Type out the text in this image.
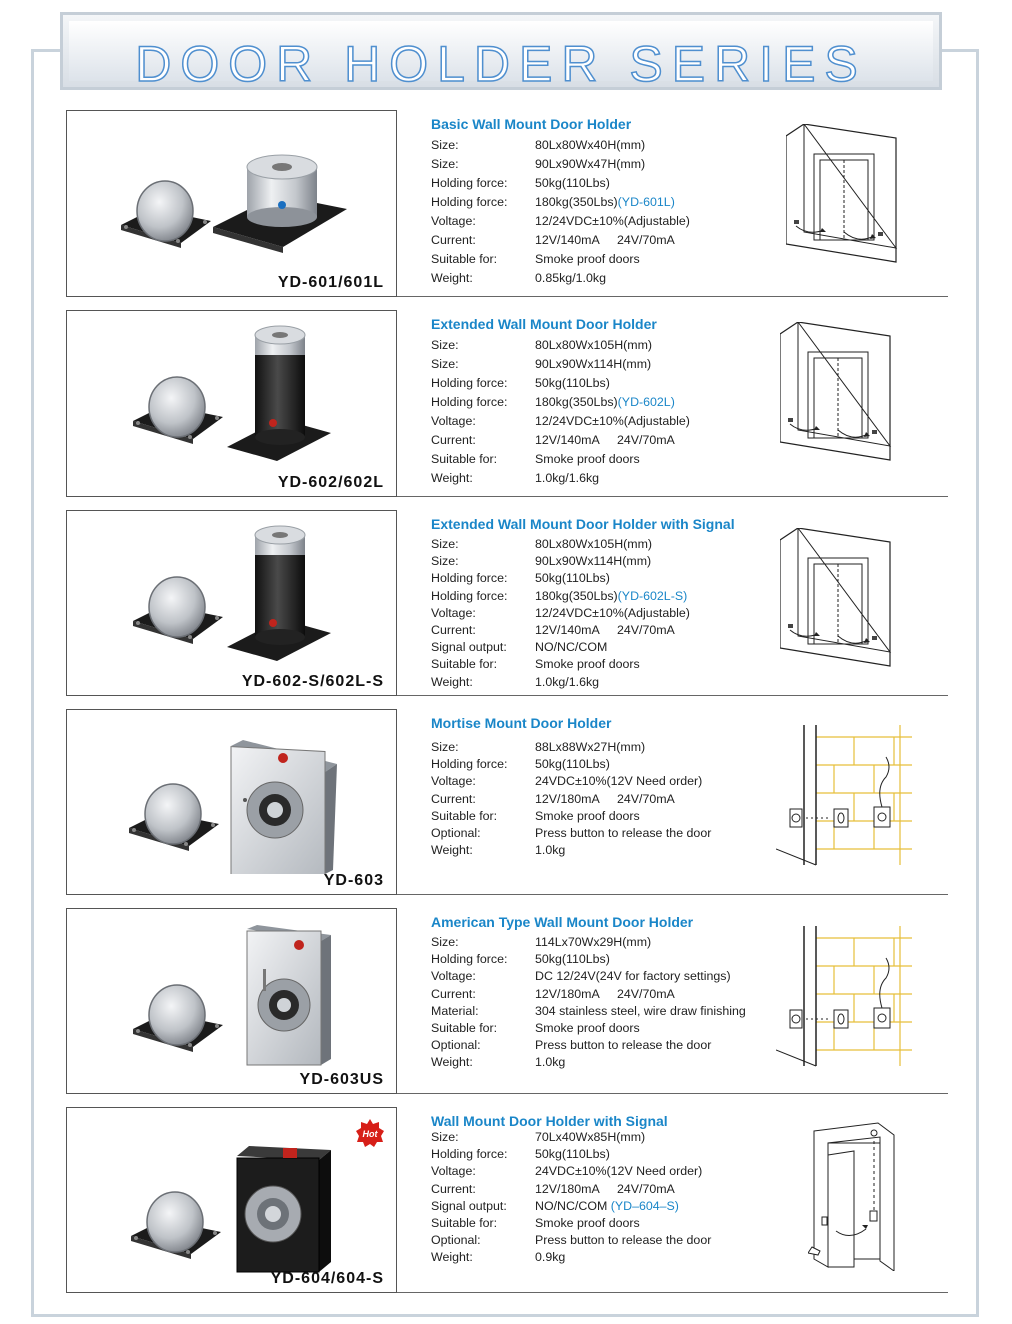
DOOR HOLDER SERIES
YD-601/601L
Basic Wall Mount Door Holder
Size:	80Lx80Wx40H(mm)
Size:	90Lx90Wx47H(mm)
Holding force: 50kg(110Lbs)
Holding force: 180kg(350Lbs)(YD-601L)
Voltage:	12/24VDC±10%(Adjustable)
Current:	12V/140mA     24V/70mA
Suitable for:	Smoke proof doors
Weight:	0.85kg/1.0kg
YD-602/602L
Extended Wall Mount Door Holder
Size:	80Lx80Wx105H(mm)
Size:	90Lx90Wx114H(mm)
Holding force: 50kg(110Lbs)
Holding force: 180kg(350Lbs)(YD-602L)
Voltage:	12/24VDC±10%(Adjustable)
Current:	12V/140mA     24V/70mA
Suitable for:	Smoke proof doors
Weight:	1.0kg/1.6kg
YD-602-S/602L-S
Extended Wall Mount Door Holder with Signal
Size:	80Lx80Wx105H(mm)
Size:	90Lx90Wx114H(mm)
Holding force: 50kg(110Lbs)
Holding force: 180kg(350Lbs)(YD-602L-S)
Voltage:	12/24VDC±10%(Adjustable)
Current:	12V/140mA     24V/70mA
Signal output: NO/NC/COM
Suitable for:	Smoke proof doors
Weight:	1.0kg/1.6kg
YD-603
Mortise Mount Door Holder
Size:	88Lx88Wx27H(mm)
Holding force: 50kg(110Lbs)
Voltage:	24VDC±10%(12V Need order)
Current:	12V/180mA     24V/70mA
Suitable for:	Smoke proof doors
Optional:	Press button to release the door
Weight:	1.0kg
YD-603US
American Type Wall Mount Door Holder
Size:	114Lx70Wx29H(mm)
Holding force: 50kg(110Lbs)
Voltage:	DC 12/24V(24V for factory settings)
Current:	12V/180mA     24V/70mA
Material:	304 stainless steel, wire draw finishing
Suitable for:	Smoke proof doors
Optional:	Press button to release the door
Weight:	1.0kg
Hot
YD-604/604-S
Wall Mount Door Holder with Signal
Size:	70Lx40Wx85H(mm)
Holding force: 50kg(110Lbs)
Voltage:	24VDC±10%(12V Need order)
Current:	12V/180mA     24V/70mA
Signal output: NO/NC/COM (YD–604–S)
Suitable for:	Smoke proof doors
Optional:	Press button to release the door
Weight:	0.9kg
